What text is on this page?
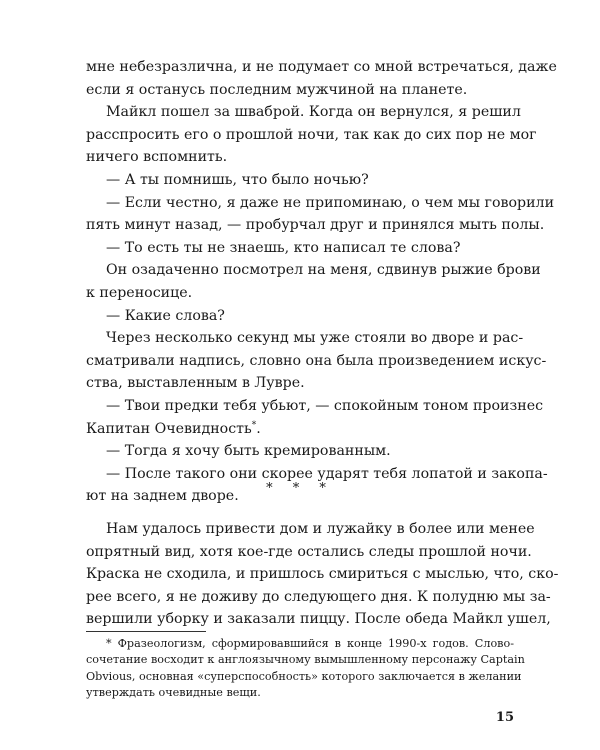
мне небезразлична, и не подумает со мной встречаться, даже
если я останусь последним мужчиной на планете.
Майкл пошел за шваброй. Когда он вернулся, я решил
расспросить его о прошлой ночи, так как до сих пор не мог
ничего вспомнить.
— А ты помнишь, что было ночью?
— Если честно, я даже не припоминаю, о чем мы говорили
пять минут назад, — пробурчал друг и принялся мыть полы.
— То есть ты не знаешь, кто написал те слова?
Он озадаченно посмотрел на меня, сдвинув рыжие брови
к переносице.
— Какие слова?
Через несколько секунд мы уже стояли во дворе и рас-
сматривали надпись, словно она была произведением искус-
ства, выставленным в Лувре.
— Твои предки тебя убьют, — спокойным тоном произнес
Капитан Очевидность*.
— Тогда я хочу быть кремированным.
— После такого они скорее ударят тебя лопатой и закопа-
ют на заднем дворе.	* * *
Нам удалось привести дом и лужайку в более или менее
опрятный вид, хотя кое-где остались следы прошлой ночи.
Краска не сходила, и пришлось смириться с мыслью, что, ско-
рее всего, я не доживу до следующего дня. К полудню мы за-
вершили уборку и заказали пиццу. После обеда Майкл ушел,
* Фразеологизм, сформировавшийся в конце 1990-х годов. Слово-
сочетание восходит к англоязычному вымышленному персонажу Captain
Obvious, основная «суперспособность» которого заключается в желании
утверждать очевидные вещи.
15
